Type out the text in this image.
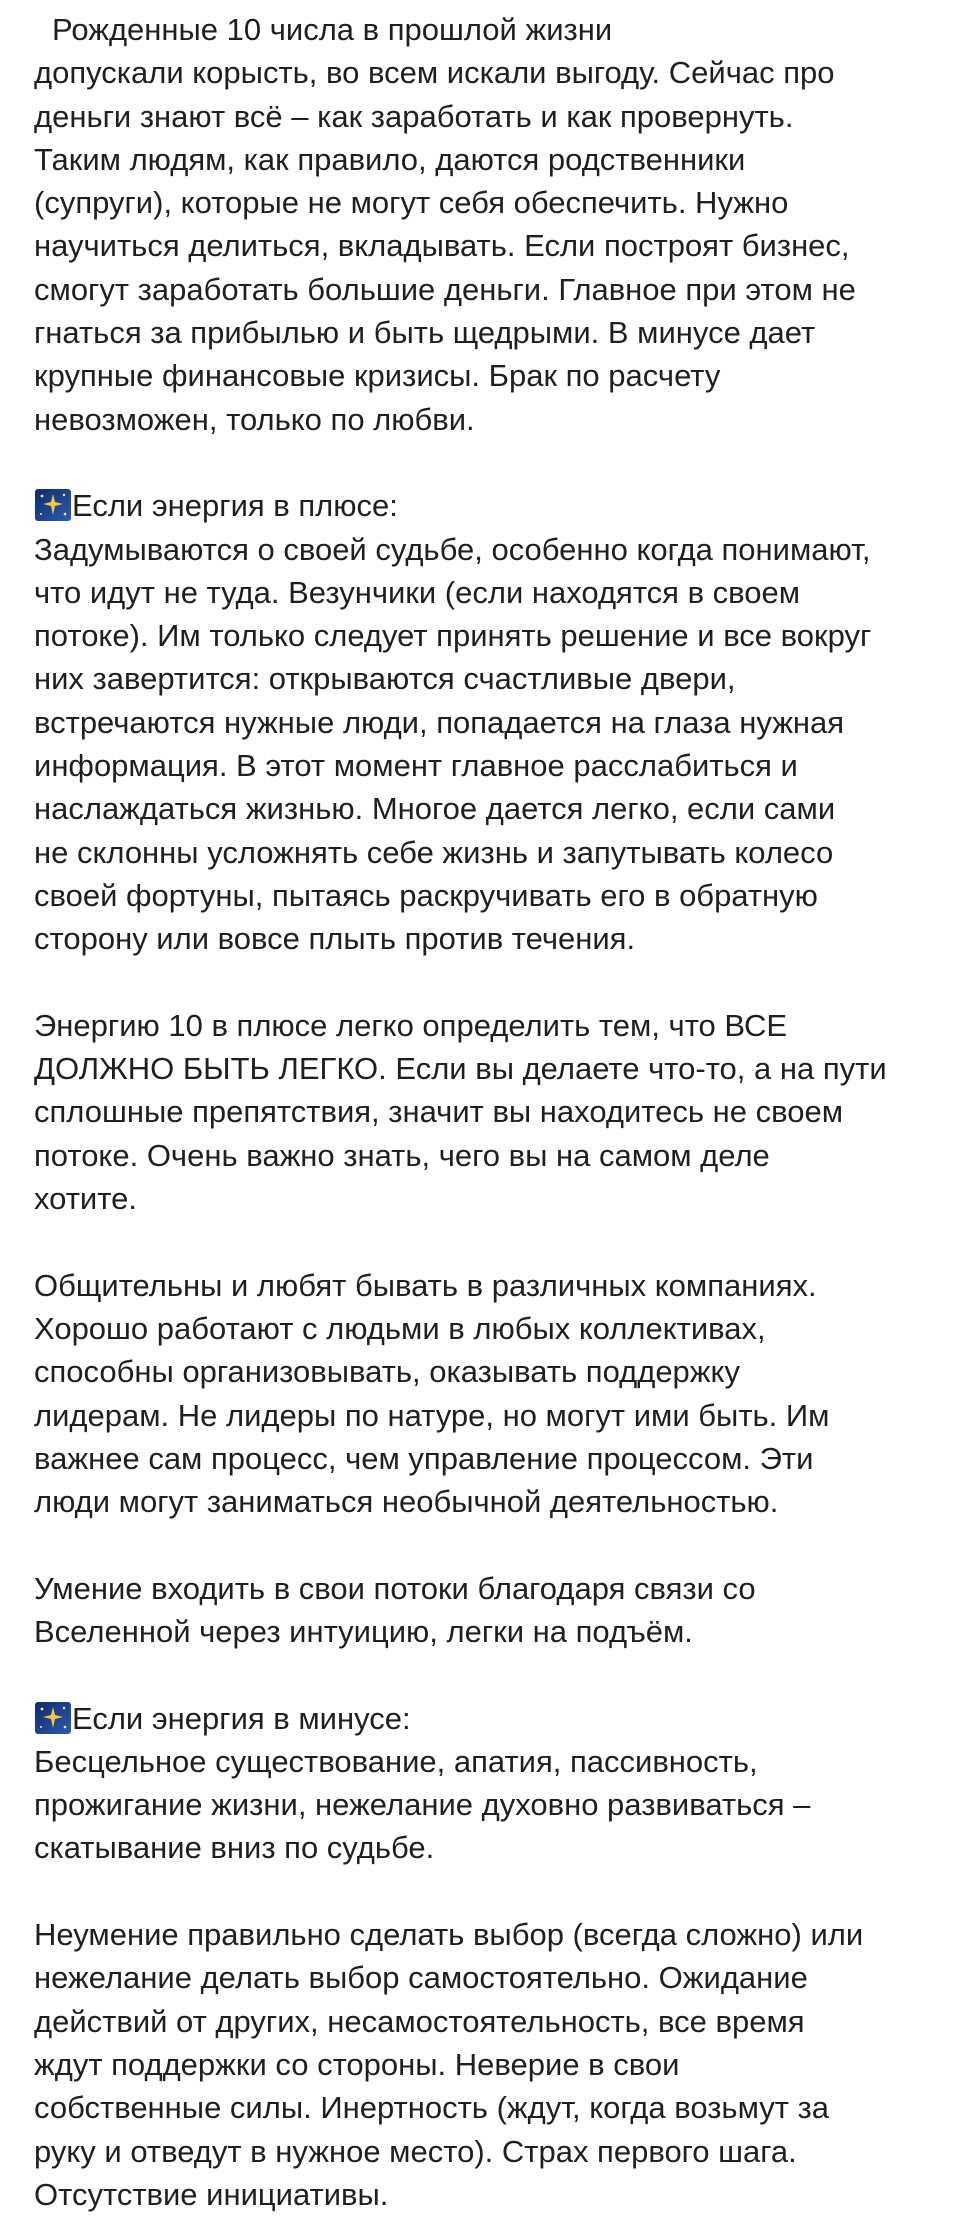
Рожденные 10 числа в прошлой жизни
допускали корысть, во всем искали выгоду. Сейчас про
деньги знают всё – как заработать и как провернуть.
Таким людям, как правило, даются родственники
(супруги), которые не могут себя обеспечить. Нужно
научиться делиться, вкладывать. Если построят бизнес,
смогут заработать большие деньги. Главное при этом не
гнаться за прибылью и быть щедрыми. В минусе дает
крупные финансовые кризисы. Брак по расчету
невозможен, только по любви.
Если энергия в плюсе:
Задумываются о своей судьбе, особенно когда понимают,
что идут не туда. Везунчики (если находятся в своем
потоке). Им только следует принять решение и все вокруг
них завертится: открываются счастливые двери,
встречаются нужные люди, попадается на глаза нужная
информация. В этот момент главное расслабиться и
наслаждаться жизнью. Многое дается легко, если сами
не склонны усложнять себе жизнь и запутывать колесо
своей фортуны, пытаясь раскручивать его в обратную
сторону или вовсе плыть против течения.
Энергию 10 в плюсе легко определить тем, что ВСЕ
ДОЛЖНО БЫТЬ ЛЕГКО. Если вы делаете что-то, а на пути
сплошные препятствия, значит вы находитесь не своем
потоке. Очень важно знать, чего вы на самом деле
хотите.
Общительны и любят бывать в различных компаниях.
Хорошо работают с людьми в любых коллективах,
способны организовывать, оказывать поддержку
лидерам. Не лидеры по натуре, но могут ими быть. Им
важнее сам процесс, чем управление процессом. Эти
люди могут заниматься необычной деятельностью.
Умение входить в свои потоки благодаря связи со
Вселенной через интуицию, легки на подъём.
Если энергия в минусе:
Бесцельное существование, апатия, пассивность,
прожигание жизни, нежелание духовно развиваться –
скатывание вниз по судьбе.
Неумение правильно сделать выбор (всегда сложно) или
нежелание делать выбор самостоятельно. Ожидание
действий от других, несамостоятельность, все время
ждут поддержки со стороны. Неверие в свои
собственные силы. Инертность (ждут, когда возьмут за
руку и отведут в нужное место). Страх первого шага.
Отсутствие инициативы.
